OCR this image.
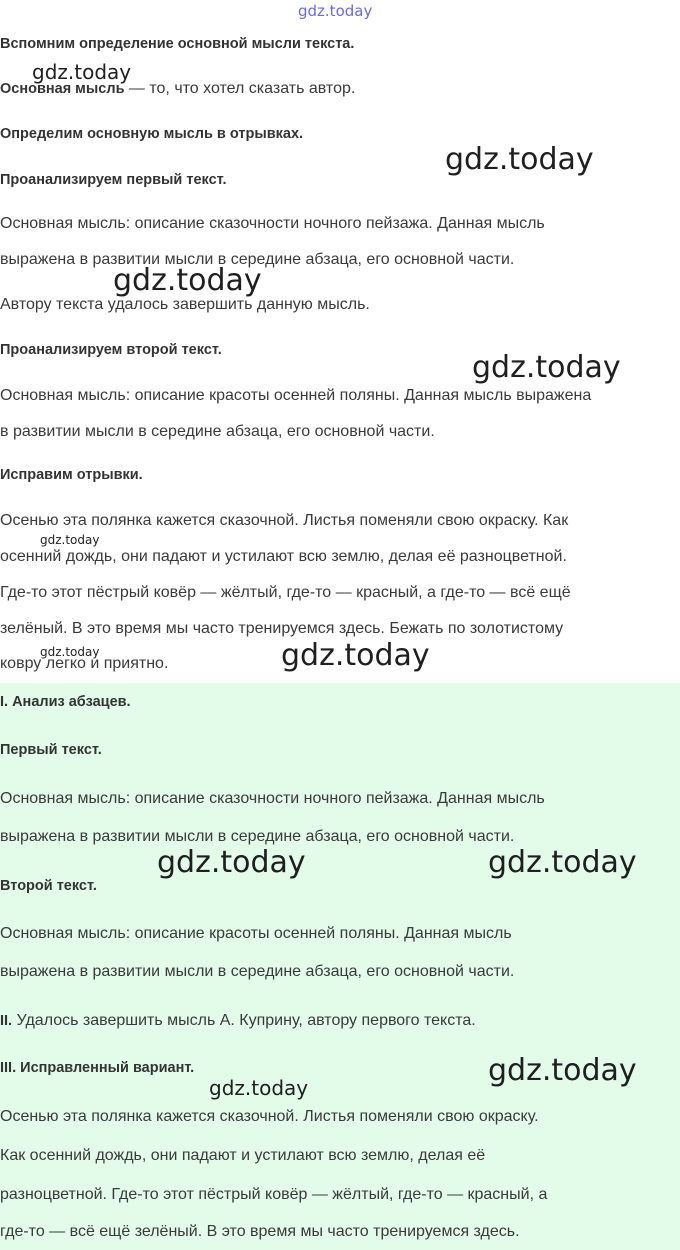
gdz.today
Вспомним определение основной мысли текста.
Основная мысль — то, что хотел сказать автор.
Определим основную мысль в отрывках.
Проанализируем первый текст.
Основная мысль: описание сказочности ночного пейзажа. Данная мысль
выражена в развитии мысли в середине абзаца, его основной части.
Автору текста удалось завершить данную мысль.
Проанализируем второй текст.
Основная мысль: описание красоты осенней поляны. Данная мысль выражена
в развитии мысли в середине абзаца, его основной части.
Исправим отрывки.
Осенью эта полянка кажется сказочной. Листья поменяли свою окраску. Как
осенний дождь, они падают и устилают всю землю, делая её разноцветной.
Где-то этот пёстрый ковёр — жёлтый, где-то — красный, а где-то — всё ещё
зелёный. В это время мы часто тренируемся здесь. Бежать по золотистому
ковру легко и приятно.
I. Анализ абзацев.
Первый текст.
Основная мысль: описание сказочности ночного пейзажа. Данная мысль
выражена в развитии мысли в середине абзаца, его основной части.
Второй текст.
Основная мысль: описание красоты осенней поляны. Данная мысль
выражена в развитии мысли в середине абзаца, его основной части.
II. Удалось завершить мысль А. Куприну, автору первого текста.
III. Исправленный вариант.
Осенью эта полянка кажется сказочной. Листья поменяли свою окраску.
Как осенний дождь, они падают и устилают всю землю, делая её
разноцветной. Где-то этот пёстрый ковёр — жёлтый, где-то — красный, а
где-то — всё ещё зелёный. В это время мы часто тренируемся здесь.
gdz.today
gdz.today
gdz.today
gdz.today
gdz.today
gdz.today	gdz.today
gdz.today	gdz.today
gdz.today	gdz.today
